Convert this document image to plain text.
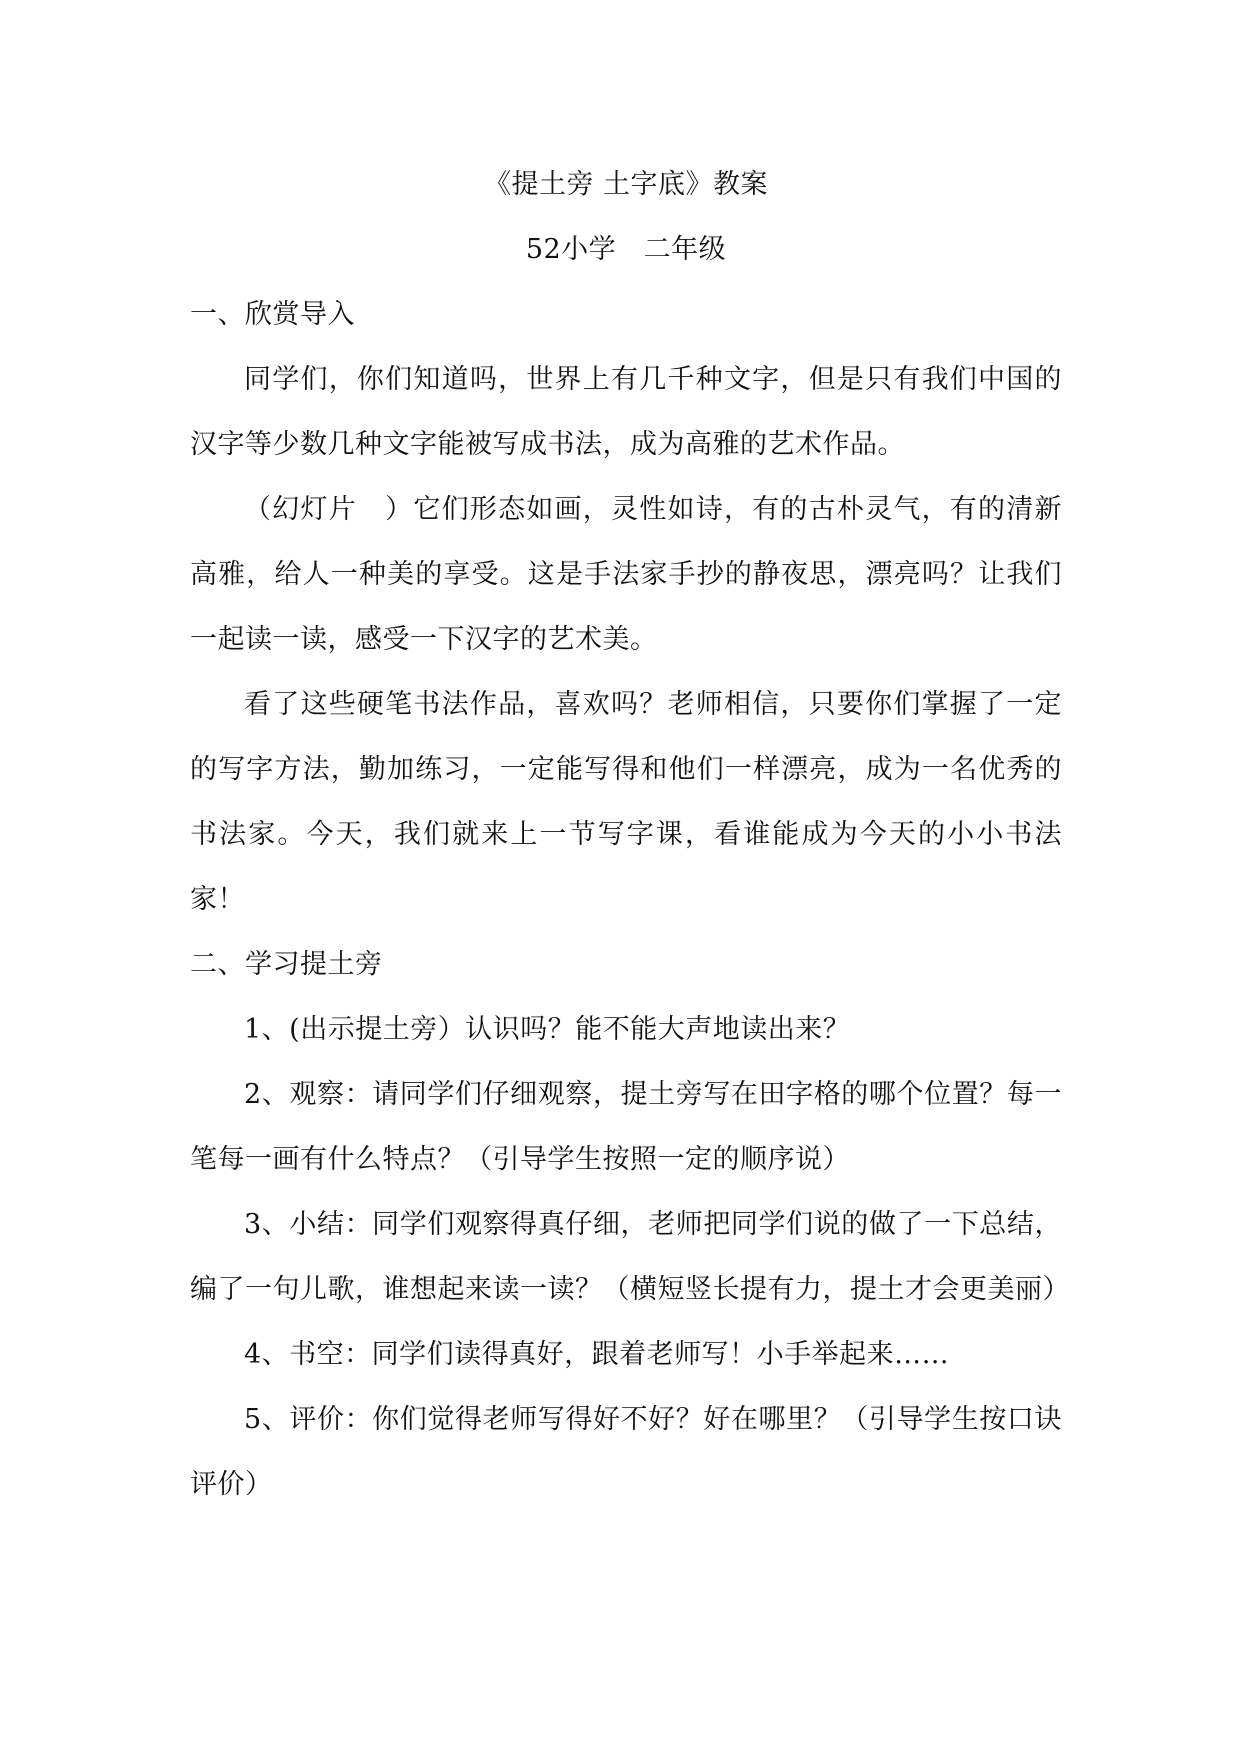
《提土旁 土字底》教案

52小学　二年级

一、欣赏导入

同学们，你们知道吗，世界上有几千种文字，但是只有我们中国的汉字等少数几种文字能被写成书法，成为高雅的艺术作品。

（幻灯片　）它们形态如画，灵性如诗，有的古朴灵气，有的清新高雅，给人一种美的享受。这是手法家手抄的静夜思，漂亮吗？让我们一起读一读，感受一下汉字的艺术美。

看了这些硬笔书法作品，喜欢吗？老师相信，只要你们掌握了一定的写字方法，勤加练习，一定能写得和他们一样漂亮，成为一名优秀的书法家。今天，我们就来上一节写字课，看谁能成为今天的小小书法家！

二、学习提土旁

1、(出示提土旁）认识吗？能不能大声地读出来？

2、观察：请同学们仔细观察，提土旁写在田字格的哪个位置？每一笔每一画有什么特点？（引导学生按照一定的顺序说）

3、小结：同学们观察得真仔细，老师把同学们说的做了一下总结，编了一句儿歌，谁想起来读一读？（横短竖长提有力，提土才会更美丽）

4、书空：同学们读得真好，跟着老师写！小手举起来……

5、评价：你们觉得老师写得好不好？好在哪里？（引导学生按口诀评价）
